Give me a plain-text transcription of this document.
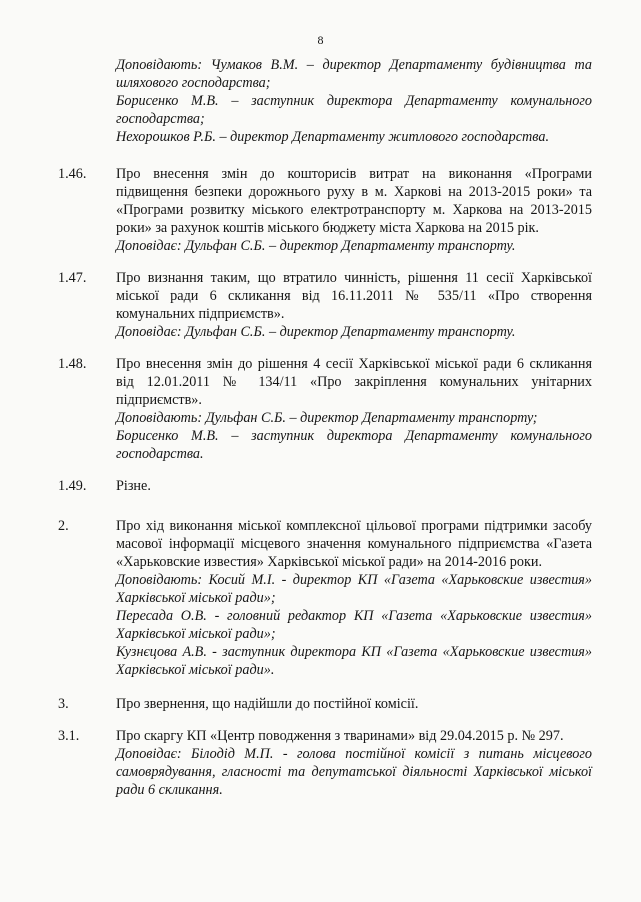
8

Доповідають: Чумаков В.М. – директор Департаменту будівництва та шляхового господарства;

Борисенко М.В. – заступник директора Департаменту комунального господарства;

Нехорошков Р.Б. – директор Департаменту житлового господарства.

1.46. Про внесення змін до кошторисів витрат на виконання «Програми підвищення безпеки дорожнього руху в м. Харкові на 2013-2015 роки» та «Програми розвитку міського електротранспорту м. Харкова на 2013-2015 роки» за рахунок коштів міського бюджету міста Харкова на 2015 рік.

Доповідає: Дульфан С.Б. – директор Департаменту транспорту.

1.47. Про визнання таким, що втратило чинність, рішення 11 сесії Харківської міської ради 6 скликання від 16.11.2011 № 535/11 «Про створення комунальних підприємств».

Доповідає: Дульфан С.Б. – директор Департаменту транспорту.

1.48. Про внесення змін до рішення 4 сесії Харківської міської ради 6 скликання від 12.01.2011 № 134/11 «Про закріплення комунальних унітарних підприємств».

Доповідають: Дульфан С.Б. – директор Департаменту транспорту;

Борисенко М.В. – заступник директора Департаменту комунального господарства.

1.49. Різне.

2.	Про хід виконання міської комплексної цільової програми підтримки засобу масової інформації місцевого значення комунального підприємства «Газета «Харьковские известия» Харківської міської ради» на 2014-2016 роки.

Доповідають: Косий М.І. - директор КП «Газета «Харьковские известия» Харківської міської ради»;

Пересада О.В. - головний редактор КП «Газета «Харьковские известия» Харківської міської ради»;

Кузнєцова А.В. - заступник директора КП «Газета «Харьковские известия» Харківської міської ради».

3.	Про звернення, що надійшли до постійної комісії.

3.1.	Про скаргу КП «Центр поводження з тваринами» від 29.04.2015 р. № 297.

Доповідає: Білодід М.П. - голова постійної комісії з питань місцевого самоврядування, гласності та депутатської діяльності Харківської міської ради 6 скликання.
